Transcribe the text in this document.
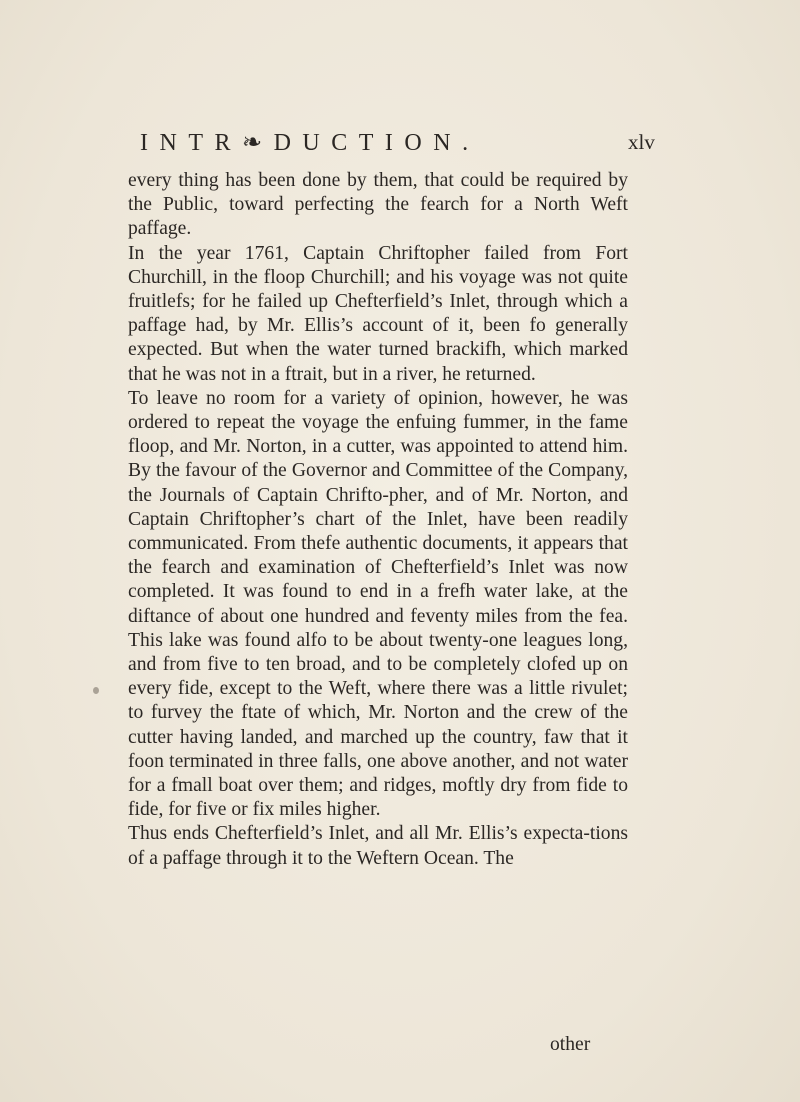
INTR❧DUCTION.	xlv

every thing has been done by them, that could be required by the Public, toward perfecting the fearch for a North Weft paffage.

In the year 1761, Captain Chriftopher failed from Fort Churchill, in the floop Churchill; and his voyage was not quite fruitlefs; for he failed up Chefterfield’s Inlet, through which a paffage had, by Mr. Ellis’s account of it, been fo generally expected. But when the water turned brackifh, which marked that he was not in a ftrait, but in a river, he returned.

To leave no room for a variety of opinion, however, he was ordered to repeat the voyage the enfuing fummer, in the fame floop, and Mr. Norton, in a cutter, was appointed to attend him. By the favour of the Governor and Committee of the Company, the Journals of Captain Chrifto-pher, and of Mr. Norton, and Captain Chriftopher’s chart of the Inlet, have been readily communicated. From thefe authentic documents, it appears that the fearch and examination of Chefterfield’s Inlet was now completed. It was found to end in a frefh water lake, at the diftance of about one hundred and feventy miles from the fea. This lake was found alfo to be about twenty-one leagues long, and from five to ten broad, and to be completely clofed up on every fide, except to the Weft, where there was a little rivulet; to furvey the ftate of which, Mr. Norton and the crew of the cutter having landed, and marched up the country, faw that it foon terminated in three falls, one above another, and not water for a fmall boat over them; and ridges, moftly dry from fide to fide, for five or fix miles higher.

Thus ends Chefterfield’s Inlet, and all Mr. Ellis’s expecta-tions of a paffage through it to the Weftern Ocean. The

other
